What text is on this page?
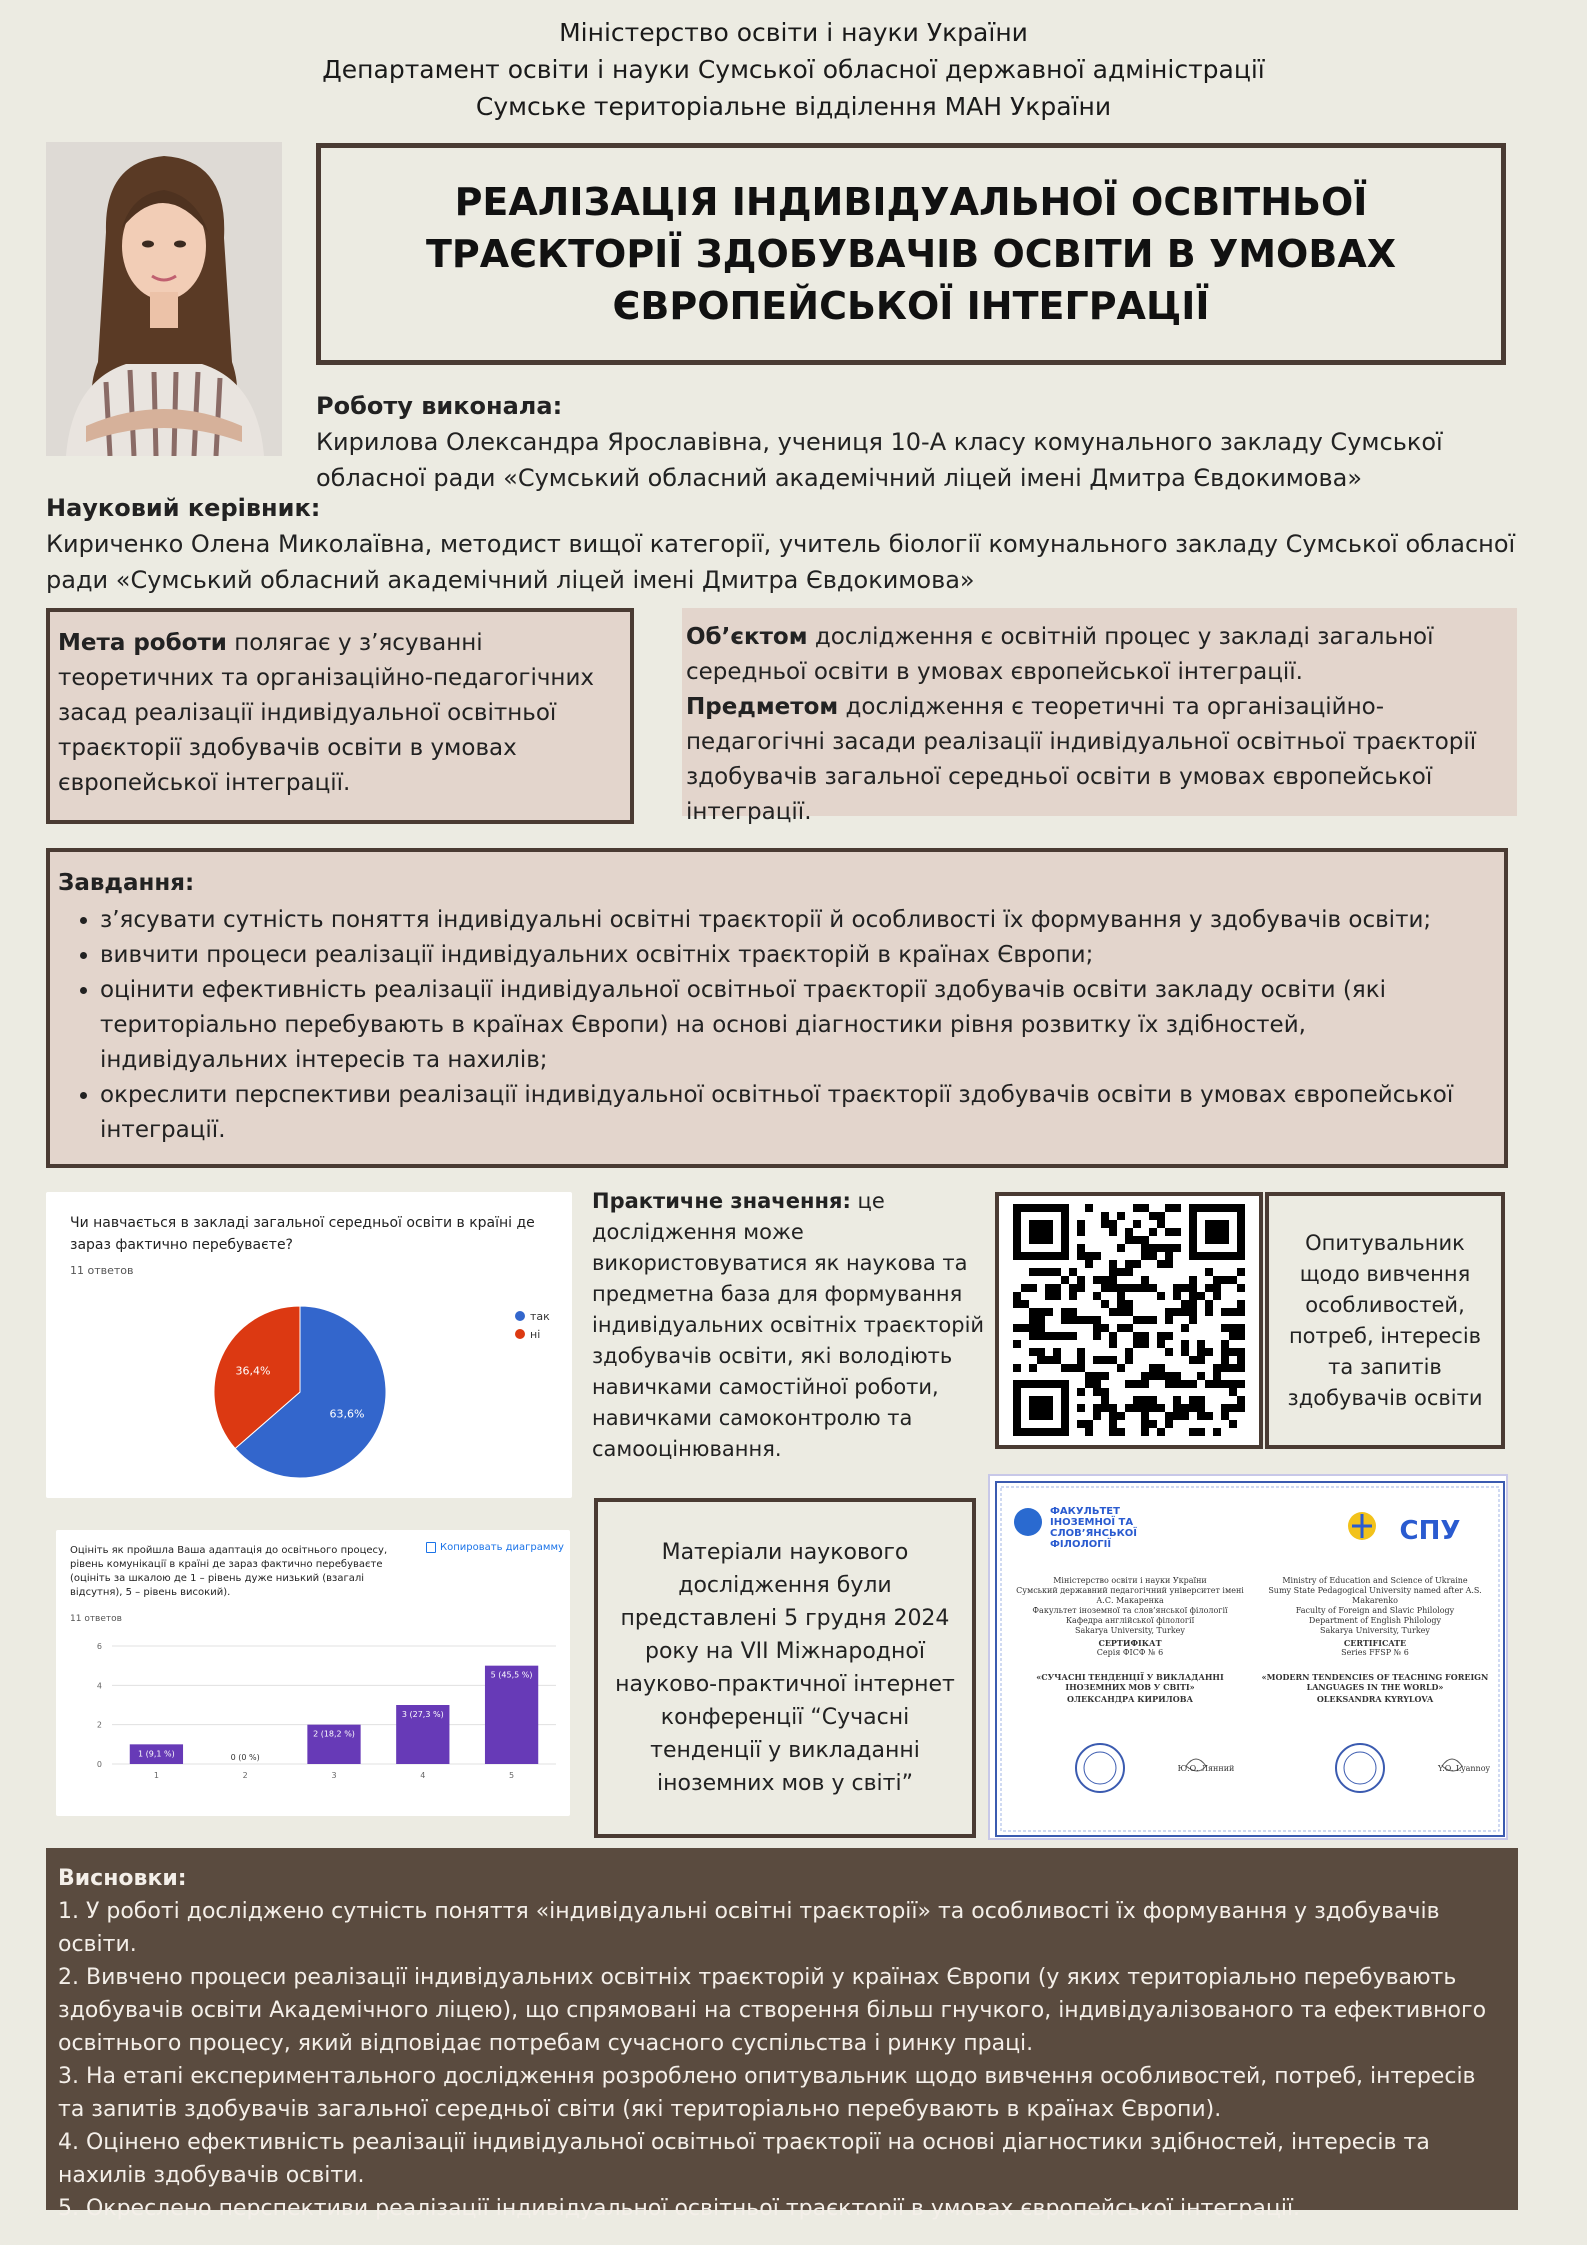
Міністерство освіти і науки України
Департамент освіти і науки Сумської обласної державної адміністрації
Сумське територіальне відділення МАН України
РЕАЛІЗАЦІЯ ІНДИВІДУАЛЬНОЇ ОСВІТНЬОЇ ТРАЄКТОРІЇ ЗДОБУВАЧІВ ОСВІТИ В УМОВАХ ЄВРОПЕЙСЬКОЇ ІНТЕГРАЦІЇ
Роботу виконала:
Кирилова Олександра Ярославівна, учениця 10-А класу комунального закладу Сумської обласної ради «Сумський обласний академічний ліцей імені Дмитра Євдокимова»
Науковий керівник:
Кириченко Олена Миколаївна, методист вищої категорії, учитель біології комунального закладу Сумської обласної ради «Сумський обласний академічний ліцей імені Дмитра Євдокимова»
Мета роботи полягає у з’ясуванні теоретичних та організаційно-педагогічних засад реалізації індивідуальної освітньої траєкторії здобувачів освіти в умовах європейської інтеграції.
Об’єктом дослідження є освітній процес у закладі загальної середньої освіти в умовах європейської інтеграції.
Предметом дослідження є теоретичні та організаційно-педагогічні засади реалізації індивідуальної освітньої траєкторії здобувачів загальної середньої освіти в умовах європейської інтеграції.
Завдання:
• з’ясувати сутність поняття індивідуальні освітні траєкторії й особливості їх формування у здобувачів освіти;
• вивчити процеси реалізації індивідуальних освітніх траєкторій в країнах Європи;
• оцінити ефективність реалізації індивідуальної освітньої траєкторії здобувачів освіти закладу освіти (які територіально перебувають в країнах Європи) на основі діагностики рівня розвитку їх здібностей, індивідуальних інтересів та нахилів;
• окреслити перспективи реалізації індивідуальної освітньої траєкторії здобувачів освіти в умовах європейської інтеграції.
Чи навчається в закладі загальної середньої освіти в країні де зараз фактично перебуваєте?
11 ответов
63,6%
36,4%
так
ні
Оцініть як пройшла Ваша адаптація до освітнього процесу, рівень комунікації в країні де зараз фактично перебуваєте (оцініть за шкалою де 1 – рівень дуже низький (взагалі відсутня), 5 – рівень високий).
Копировать диаграмму
11 ответов
0
2
4
6
1 (9,1 %)
1
0 (0 %)
2
2 (18,2 %)
3
3 (27,3 %)
4
5 (45,5 %)
5
Практичне значення: це дослідження може використовуватися як наукова та предметна база для формування індивідуальних освітніх траєкторій здобувачів освіти, які володіють навичками самостійної роботи, навичками самоконтролю та самооцінювання.
Опитувальник щодо вивчення особливостей, потреб, інтересів та запитів здобувачів освіти
Матеріали наукового дослідження були представлені 5 грудня 2024 року на VII Міжнародної науково-практичної інтернет конференції “Сучасні тенденції у викладанні іноземних мов у світі”
ФАКУЛЬТЕТ ІНОЗЕМНОЇ ТА СЛОВ’ЯНСЬКОЇ ФІЛОЛОГІЇ	СПУ
Міністерство освіти і науки України
Сумський державний педагогічний університет імені А.С. Макаренка
Факультет іноземної та слов’янської філології
Кафедра англійської філології
Sakarya University, Turkey
Ministry of Education and Science of Ukraine
Sumy State Pedagogical University named after A.S. Makarenko
Faculty of Foreign and Slavic Philology
Department of English Philology
Sakarya University, Turkey
СЕРТИФІКАТ
Серія ФІСФ № 6
«СУЧАСНІ ТЕНДЕНЦІЇ У ВИКЛАДАННІ ІНОЗЕМНИХ МОВ У СВІТІ»
ОЛЕКСАНДРА КИРИЛОВА
CERTIFICATE
Series FFSP № 6
«MODERN TENDENCIES OF TEACHING FOREIGN LANGUAGES IN THE WORLD»
OLEKSANDRA KYRYLOVA
Ю.О. Лянний	Y.O. Lyannoy

Висновки:

1. У роботі досліджено сутність поняття «індивідуальні освітні траєкторії» та особливості їх формування у здобувачів освіти.

2. Вивчено процеси реалізації індивідуальних освітніх траєкторій у країнах Європи (у яких територіально перебувають здобувачів освіти Академічного ліцею), що спрямовані на створення більш гнучкого, індивідуалізованого та ефективного освітнього процесу, який відповідає потребам сучасного суспільства і ринку праці.

3. На етапі експериментального дослідження розроблено опитувальник щодо вивчення особливостей, потреб, інтересів та запитів здобувачів загальної середньої світи (які територіально перебувають в країнах Європи).

4. Оцінено ефективність реалізації індивідуальної освітньої траєкторії на основі діагностики здібностей, інтересів та нахилів здобувачів освіти.

5. Окреслено перспективи реалізації індивідуальної освітньої траєкторії в умовах європейської інтеграції.
